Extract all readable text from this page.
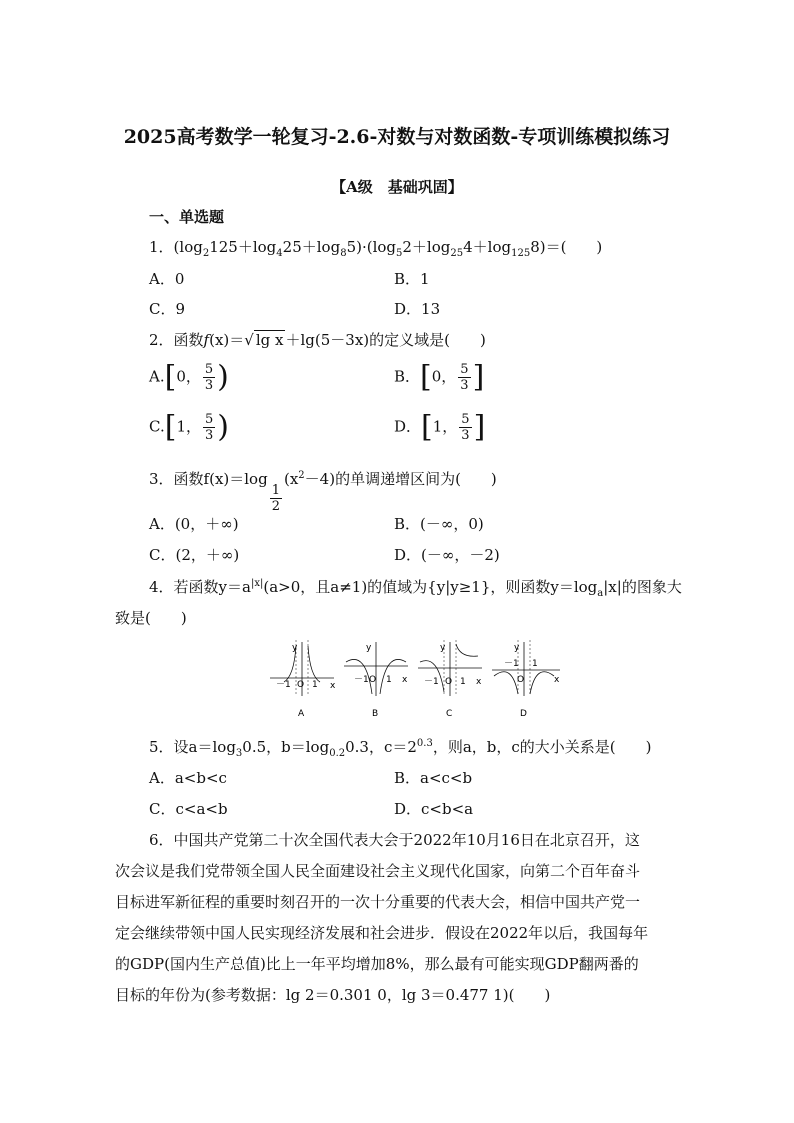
2025高考数学一轮复习-2.6-对数与对数函数-专项训练模拟练习
【A级　基础巩固】
一、单选题
1．$(\log_2125+\log_425+\log_85)\cdot(\log_52+\log_{25}4+\log_{125}8)=$(　　)
A．0	B．1
C．9	D．13
2．函数f(x)＝√ lg x ＋lg(5－3x)的定义域是(　　)
A.[0， $\frac{5}{3}$ )	B．[0， $\frac{5}{3}$ ]
C.[1， $\frac{5}{3}$ )	D．[1， $\frac{5}{3}$ ]
3．函数f(x)＝log
$\frac{1}{2}$
$(x^2-4)$的单调递增区间为(　　)
A．(0，＋∞)	B．(－∞，0)
C．(2，＋∞)	D．(－∞，－2)
4．若函数$y=a^{|x|}(a>0$，且a≠1)的值域为{y|y≥1}，则函数$y=\log_a|x|$的图象大
致是(　　)
y
x
－1 O 1
A
y
x
－1 O 1
B
y
x
－1 O 1
C
y
x
－1
O
1
D
5．设$a=\log_30.5$，$b=\log_{0.2}0.3$，$c=2^{0.3}$，则a，b，c的大小关系是(　　)
A．a<b<c	B．a<c<b
C．c<a<b	D．c<b<a
6．中国共产党第二十次全国代表大会于2022年10月16日在北京召开，这
次会议是我们党带领全国人民全面建设社会主义现代化国家，向第二个百年奋斗
目标进军新征程的重要时刻召开的一次十分重要的代表大会，相信中国共产党一
定会继续带领中国人民实现经济发展和社会进步．假设在2022年以后，我国每年
的GDP(国内生产总值)比上一年平均增加8%，那么最有可能实现GDP翻两番的
目标的年份为(参考数据：lg 2＝0.301 0，lg 3＝0.477 1)(　　)
